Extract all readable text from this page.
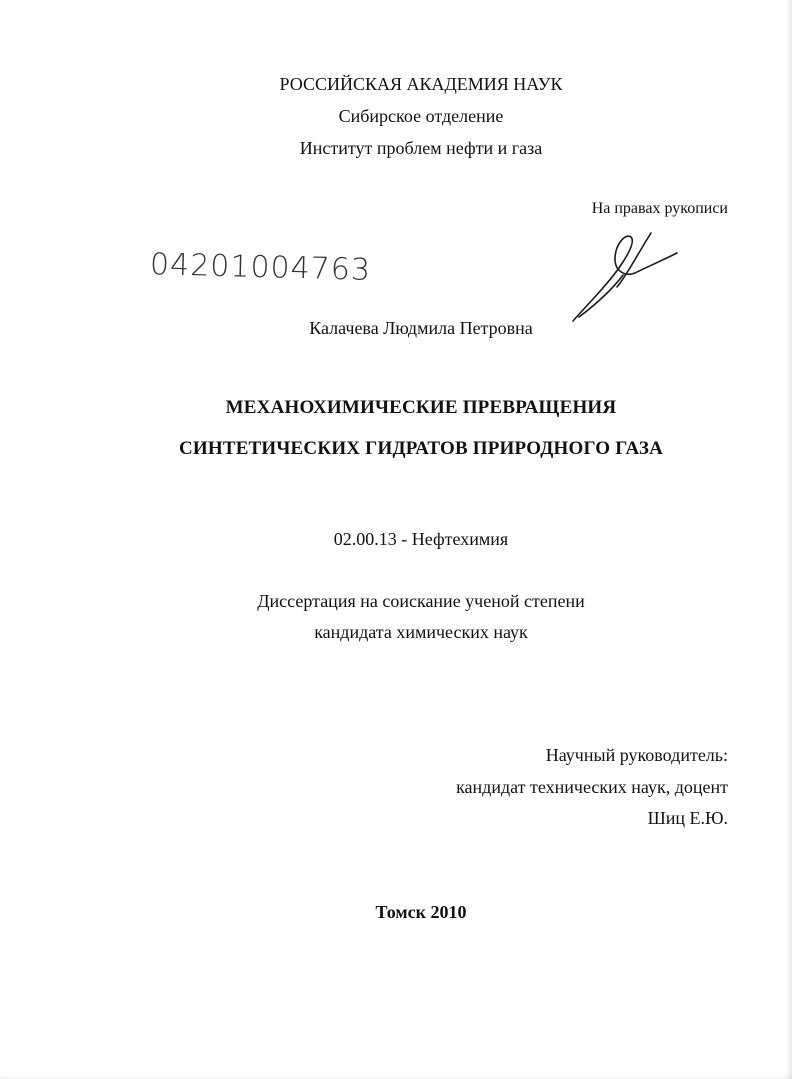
РОССИЙСКАЯ АКАДЕМИЯ НАУК
Сибирское отделение
Институт проблем нефти и газа
На правах рукописи
04201004763
Калачева Людмила Петровна
МЕХАНОХИМИЧЕСКИЕ ПРЕВРАЩЕНИЯ
СИНТЕТИЧЕСКИХ ГИДРАТОВ ПРИРОДНОГО ГАЗА
02.00.13 - Нефтехимия
Диссертация на соискание ученой степени
кандидата химических наук
Научный руководитель:
кандидат технических наук, доцент
Шиц Е.Ю.
Томск 2010
